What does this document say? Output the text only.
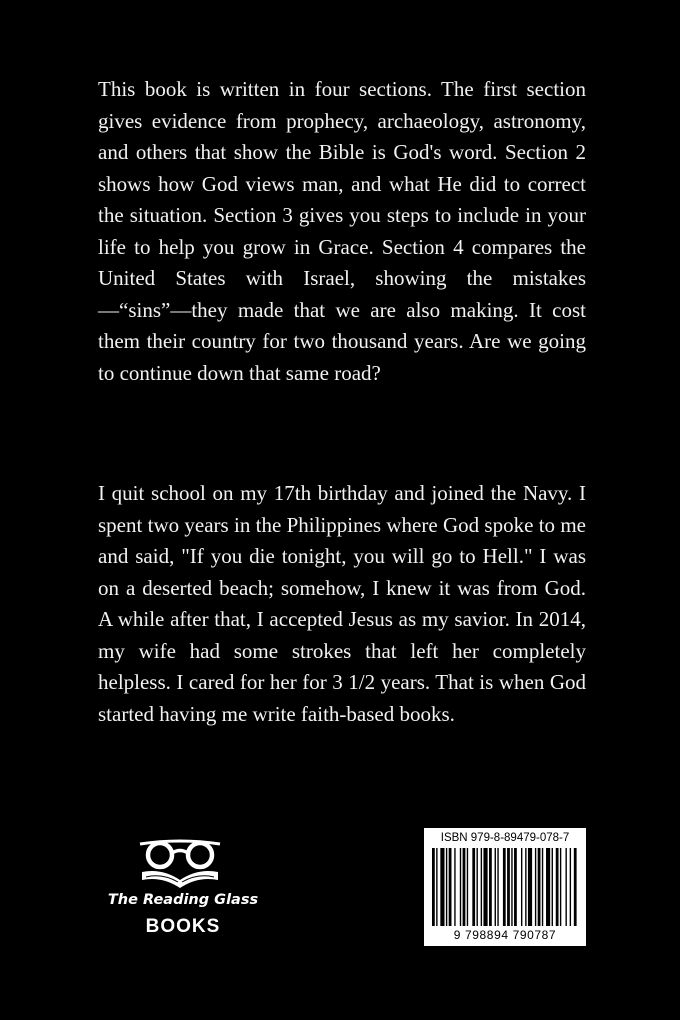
This book is written in four sections. The first section gives evidence from prophecy, archaeology, astronomy, and others that show the Bible is God's word. Section 2 shows how God views man, and what He did to correct the situation. Section 3 gives you steps to include in your life to help you grow in Grace. Section 4 compares the United States with Israel, showing the mistakes—“sins”—they made that we are also making. It cost them their country for two thousand years. Are we going to continue down that same road?

I quit school on my 17th birthday and joined the Navy. I spent two years in the Philippines where God spoke to me and said, "If you die tonight, you will go to Hell." I was on a deserted beach; somehow, I knew it was from God. A while after that, I accepted Jesus as my savior. In 2014, my wife had some strokes that left her completely helpless. I cared for her for 3 1/2 years. That is when God started having me write faith-based books.

The Reading Glass
BOOKS
ISBN 979-8-89479-078-7
9 798894 790787
